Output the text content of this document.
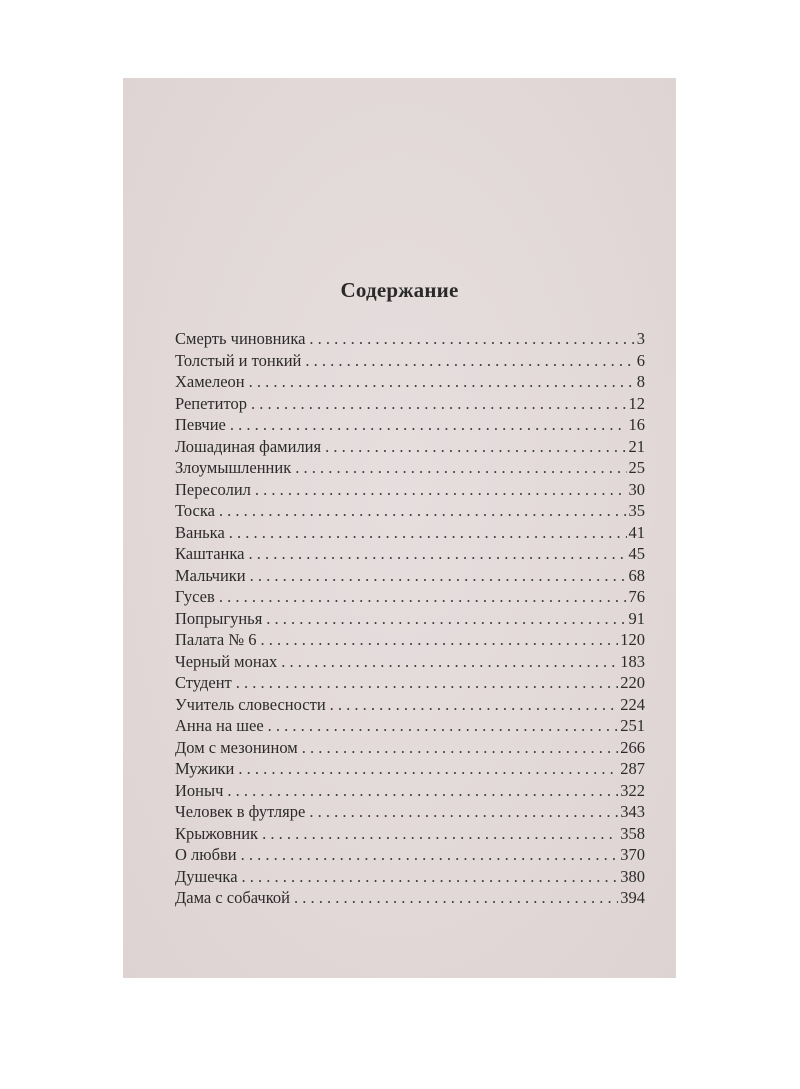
Содержание
Смерть чиновника . . .	3
Толстый и тонкий . . .	6
Хамелеон . . .	8
Репетитор . . .	12
Певчие . . .	16
Лошадиная фамилия . . .	21
Злоумышленник . . .	25
Пересолил . . .	30
Тоска . . .	35
Ванька . . .	41
Каштанка . . .	45
Мальчики . . .	68
Гусев . . .	76
Попрыгунья . . .	91
Палата № 6 . . .	120
Черный монах . . .	183
Студент . . .	220
Учитель словесности . . .	224
Анна на шее . . .	251
Дом с мезонином . . .	266
Мужики . . .	287
Ионыч . . .	322
Человек в футляре . . .	343
Крыжовник . . .	358
О любви . . .	370
Душечка . . .	380
Дама с собачкой . . .	394
